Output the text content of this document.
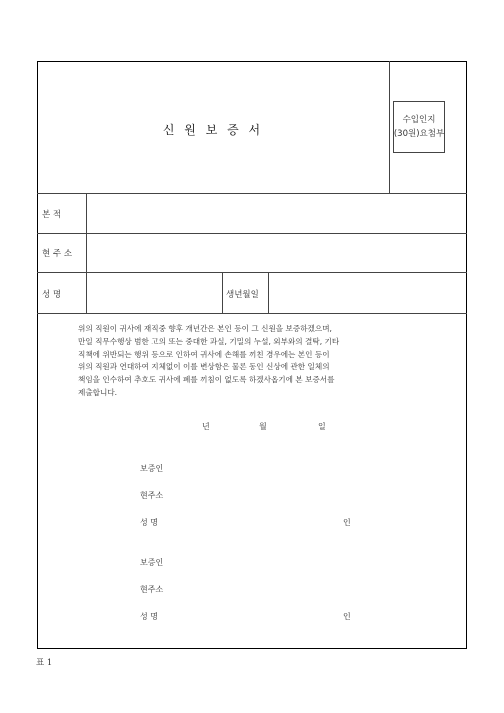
신 원 보 증 서
수입인지
(30원)요첨부
본 적
현 주 소
성 명	생년월일

위의 직원이 귀사에 재직중 향후 개년간은 본인 등이 그 신원을 보증하겠으며,
만일 직무수행상 범한 고의 또는 중대한 과실, 기밀의 누설, 외부와의 결탁, 기타
직책에 위반되는 행위 등으로 인하여 귀사에 손해를 끼친 경우에는 본인 등이
위의 직원과 연대하여 지체없이 이를 변상함은 물론 동인 신상에 관한 일체의
책임을 인수하여 추호도 귀사에 폐를 끼침이 없도록 하겠사옵기에 본 보증서를
제출합니다.

년	월	일
보증인
현주소
성 명	인
보증인
현주소
성 명	인
표 1
